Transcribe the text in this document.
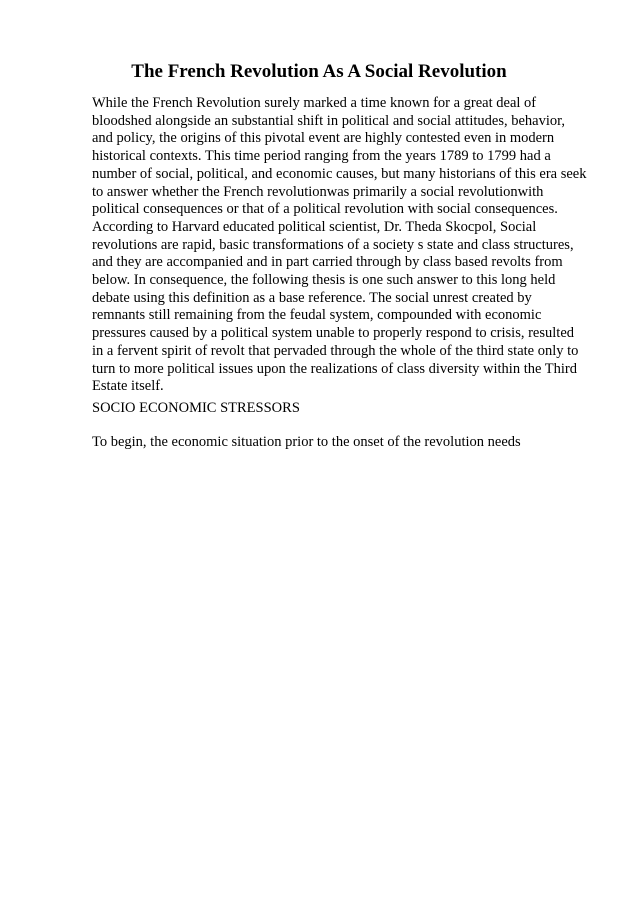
The French Revolution As A Social Revolution
While the French Revolution surely marked a time known for a great deal of
bloodshed alongside an substantial shift in political and social attitudes, behavior,
and policy, the origins of this pivotal event are highly contested even in modern
historical contexts. This time period ranging from the years 1789 to 1799 had a
number of social, political, and economic causes, but many historians of this era seek
to answer whether the French revolutionwas primarily a social revolutionwith
political consequences or that of a political revolution with social consequences.
According to Harvard educated political scientist, Dr. Theda Skocpol, Social
revolutions are rapid, basic transformations of a society s state and class structures,
and they are accompanied and in part carried through by class based revolts from
below. In consequence, the following thesis is one such answer to this long held
debate using this definition as a base reference. The social unrest created by
remnants still remaining from the feudal system, compounded with economic
pressures caused by a political system unable to properly respond to crisis, resulted
in a fervent spirit of revolt that pervaded through the whole of the third state only to
turn to more political issues upon the realizations of class diversity within the Third
Estate itself.
SOCIO ECONOMIC STRESSORS
To begin, the economic situation prior to the onset of the revolution needs
